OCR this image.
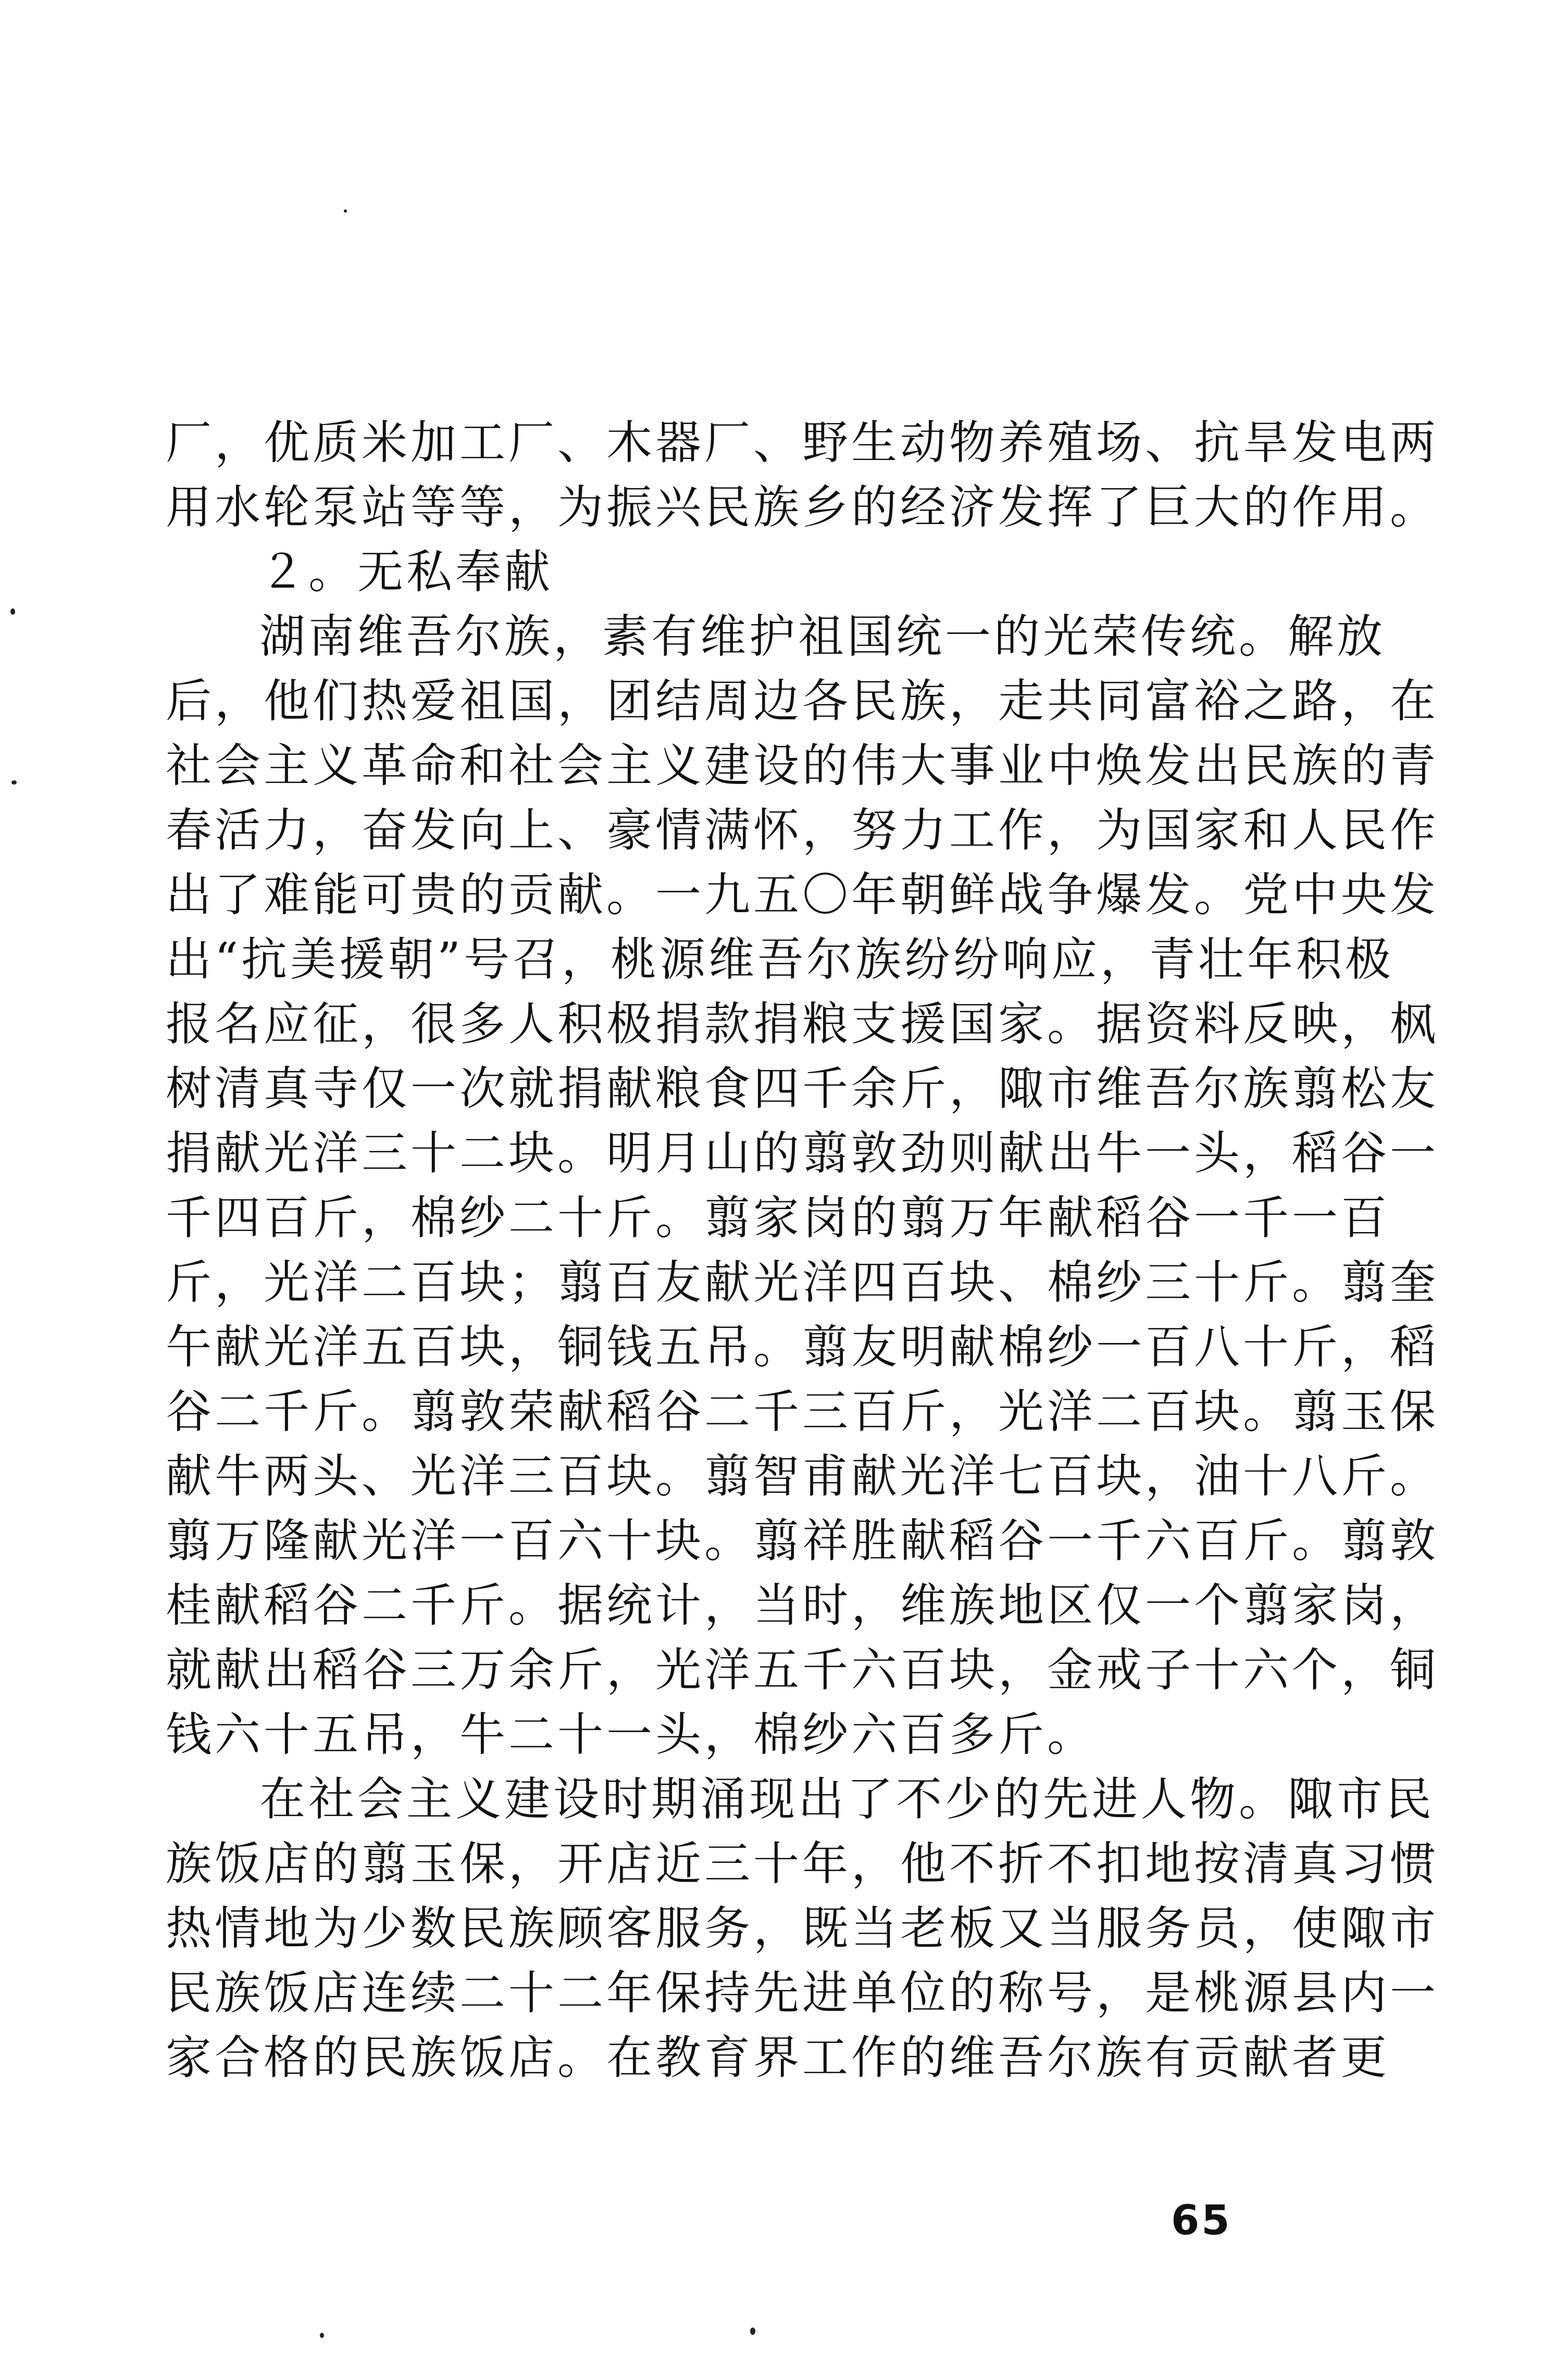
厂，优质米加工厂、木器厂、野生动物养殖场、抗旱发电两
用水轮泵站等等，为振兴民族乡的经济发挥了巨大的作用。
２。无私奉献
湖南维吾尔族，素有维护祖国统一的光荣传统。解放
后，他们热爱祖国，团结周边各民族，走共同富裕之路，在
社会主义革命和社会主义建设的伟大事业中焕发出民族的青
春活力，奋发向上、豪情满怀，努力工作，为国家和人民作
出了难能可贵的贡献。一九五〇年朝鲜战争爆发。党中央发
出“抗美援朝”号召，桃源维吾尔族纷纷响应，青壮年积极
报名应征，很多人积极捐款捐粮支援国家。据资料反映，枫
树清真寺仅一次就捐献粮食四千余斤，陬市维吾尔族翦松友
捐献光洋三十二块。明月山的翦敦劲则献出牛一头，稻谷一
千四百斤，棉纱二十斤。翦家岗的翦万年献稻谷一千一百
斤，光洋二百块；翦百友献光洋四百块、棉纱三十斤。翦奎
午献光洋五百块，铜钱五吊。翦友明献棉纱一百八十斤，稻
谷二千斤。翦敦荣献稻谷二千三百斤，光洋二百块。翦玉保
献牛两头、光洋三百块。翦智甫献光洋七百块，油十八斤。
翦万隆献光洋一百六十块。翦祥胜献稻谷一千六百斤。翦敦
桂献稻谷二千斤。据统计，当时，维族地区仅一个翦家岗，
就献出稻谷三万余斤，光洋五千六百块，金戒子十六个，铜
钱六十五吊，牛二十一头，棉纱六百多斤。
在社会主义建设时期涌现出了不少的先进人物。陬市民
族饭店的翦玉保，开店近三十年，他不折不扣地按清真习惯
热情地为少数民族顾客服务，既当老板又当服务员，使陬市
民族饭店连续二十二年保持先进单位的称号，是桃源县内一
家合格的民族饭店。在教育界工作的维吾尔族有贡献者更
65
